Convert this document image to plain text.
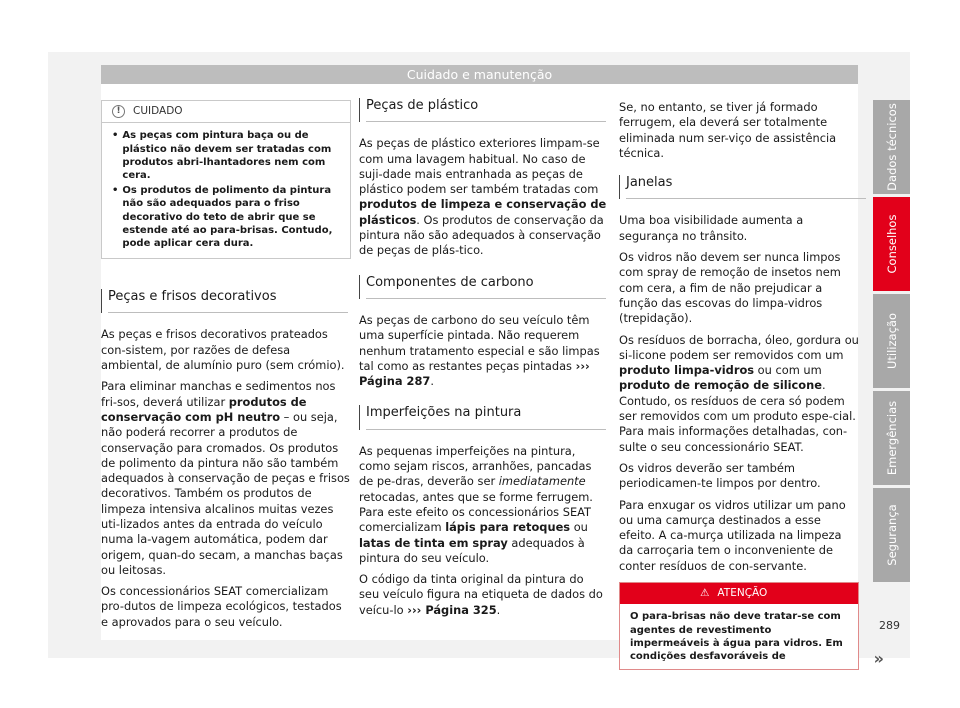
Cuidado e manutenção
!	CUIDADO
• As peças com pintura baça ou de plástico não devem ser tratadas com produtos abri-lhantadores nem com cera.
• Os produtos de polimento da pintura não são adequados para o friso decorativo do teto de abrir que se estende até ao para-brisas. Contudo, pode aplicar cera dura.
Peças e frisos decorativos

As peças e frisos decorativos prateados con-sistem, por razões de defesa ambiental, de alumínio puro (sem crómio).

Para eliminar manchas e sedimentos nos fri-sos, deverá utilizar produtos de conservação com pH neutro – ou seja, não poderá recorrer a produtos de conservação para cromados. Os produtos de polimento da pintura não são também adequados à conservação de peças e frisos decorativos. Também os produtos de limpeza intensiva alcalinos muitas vezes uti-lizados antes da entrada do veículo numa la-vagem automática, podem dar origem, quan-do secam, a manchas baças ou leitosas.

Os concessionários SEAT comercializam pro-dutos de limpeza ecológicos, testados e aprovados para o seu veículo.

Peças de plástico

As peças de plástico exteriores limpam-se com uma lavagem habitual. No caso de suji-dade mais entranhada as peças de plástico podem ser também tratadas com produtos de limpeza e conservação de plásticos. Os produtos de conservação da pintura não são adequados à conservação de peças de plás-tico.

Componentes de carbono

As peças de carbono do seu veículo têm uma superfície pintada. Não requerem nenhum tratamento especial e são limpas tal como as restantes peças pintadas ››› Página 287.

Imperfeições na pintura

As pequenas imperfeições na pintura, como sejam riscos, arranhões, pancadas de pe-dras, deverão ser imediatamente retocadas, antes que se forme ferrugem. Para este efeito os concessionários SEAT comercializam lápis para retoques ou latas de tinta em spray adequados à pintura do seu veículo.

O código da tinta original da pintura do seu veículo figura na etiqueta de dados do veícu-lo ››› Página 325.

Se, no entanto, se tiver já formado ferrugem, ela deverá ser totalmente eliminada num ser-viço de assistência técnica.

Janelas

Uma boa visibilidade aumenta a segurança no trânsito.

Os vidros não devem ser nunca limpos com spray de remoção de insetos nem com cera, a fim de não prejudicar a função das escovas do limpa-vidros (trepidação).

Os resíduos de borracha, óleo, gordura ou si-licone podem ser removidos com um produto limpa-vidros ou com um produto de remoção de silicone. Contudo, os resíduos de cera só podem ser removidos com um produto espe-cial. Para mais informações detalhadas, con-sulte o seu concessionário SEAT.

Os vidros deverão ser também periodicamen-te limpos por dentro.

Para enxugar os vidros utilizar um pano ou uma camurça destinados a esse efeito. A ca-murça utilizada na limpeza da carroçaria tem o inconveniente de conter resíduos de con-servante.

⚠ ATENÇÃO
O para-brisas não deve tratar-se com agentes de revestimento impermeáveis à água para vidros. Em condições desfavoráveis de	»
Dados técnicos
Conselhos
Utilização
Emergências
Segurança
289
